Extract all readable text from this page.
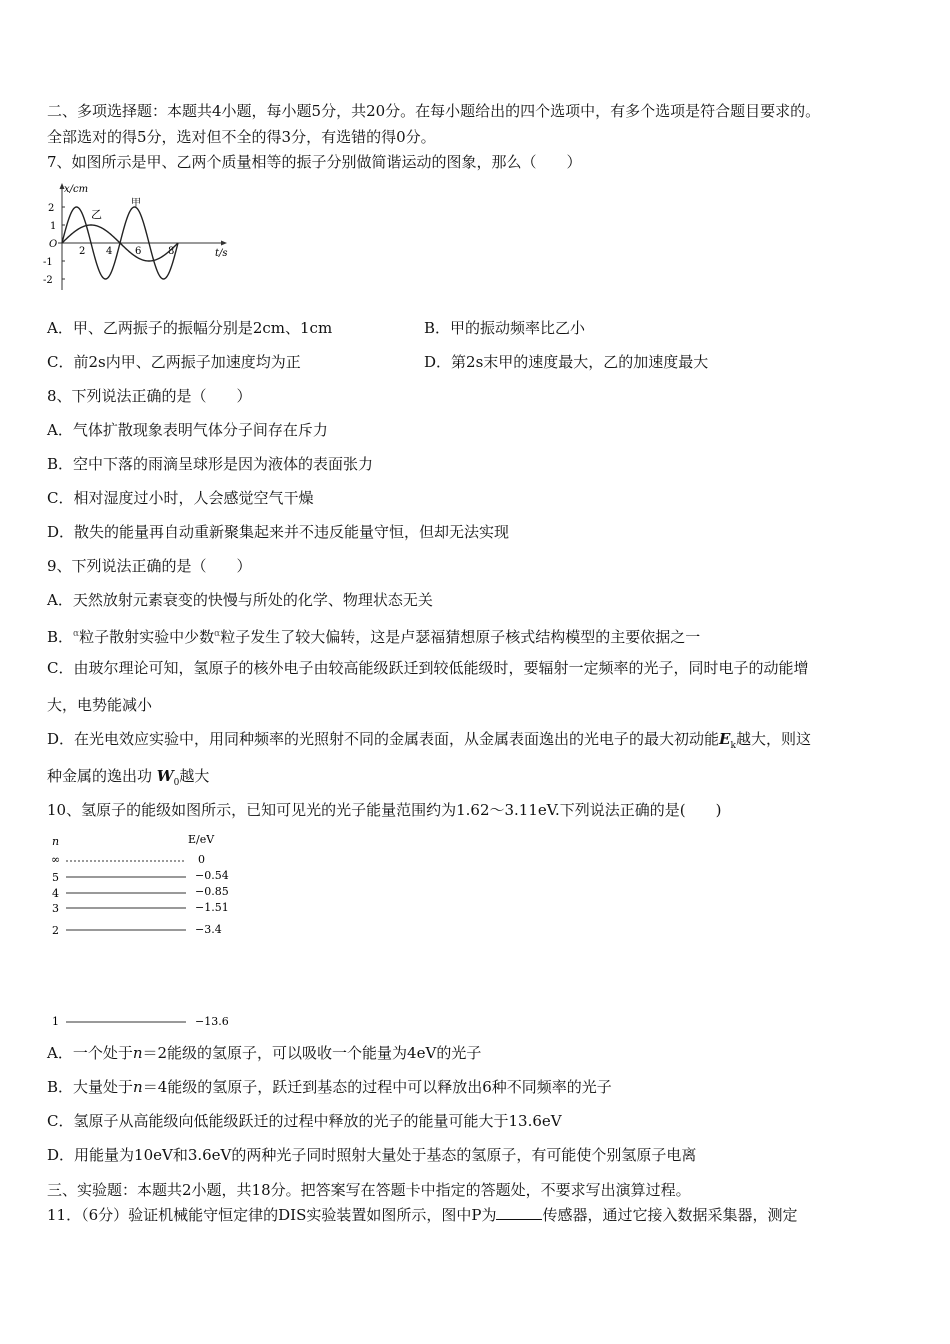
二、多项选择题：本题共4小题，每小题5分，共20分。在每小题给出的四个选项中，有多个选项是符合题目要求的。
全部选对的得5分，选对但不全的得3分，有选错的得0分。
7、如图所示是甲、乙两个质量相等的振子分别做简谐运动的图象，那么（　　）
x/cm
2
1
-1
-2
O
2 4 6	8	t/s
甲
乙
A．甲、乙两振子的振幅分别是2cm、1cm	B．甲的振动频率比乙小
C．前2s内甲、乙两振子加速度均为正	D．第2s末甲的速度最大，乙的加速度最大
8、下列说法正确的是（　　）
A．气体扩散现象表明气体分子间存在斥力
B．空中下落的雨滴呈球形是因为液体的表面张力
C．相对湿度过小时，人会感觉空气干燥
D．散失的能量再自动重新聚集起来并不违反能量守恒，但却无法实现
9、下列说法正确的是（　　）
A．天然放射元素衰变的快慢与所处的化学、物理状态无关
B．$^\alpha$粒子散射实验中少数$^\alpha$粒子发生了较大偏转，这是卢瑟福猜想原子核式结构模型的主要依据之一
C．由玻尔理论可知，氢原子的核外电子由较高能级跃迁到较低能级时，要辐射一定频率的光子，同时电子的动能增
大，电势能减小
D．在光电效应实验中，用同种频率的光照射不同的金属表面，从金属表面逸出的光电子的最大初动能$E_k$越大，则这
种金属的逸出功 $W_0$越大
10、氢原子的能级如图所示，已知可见光的光子能量范围约为1.62～3.11eV.下列说法正确的是(　　)
n	E/eV
∞	0
5	−0.54
4	−0.85
3	−1.51
2	−3.4
1	−13.6
A．一个处于n＝2能级的氢原子，可以吸收一个能量为4eV的光子
B．大量处于n＝4能级的氢原子，跃迁到基态的过程中可以释放出6种不同频率的光子
C．氢原子从高能级向低能级跃迁的过程中释放的光子的能量可能大于13.6eV
D．用能量为10eV和3.6eV的两种光子同时照射大量处于基态的氢原子，有可能使个别氢原子电离
三、实验题：本题共2小题，共18分。把答案写在答题卡中指定的答题处，不要求写出演算过程。
11．（6分）验证机械能守恒定律的DIS实验装置如图所示，图中P为	传感器，通过它接入数据采集器，测定
